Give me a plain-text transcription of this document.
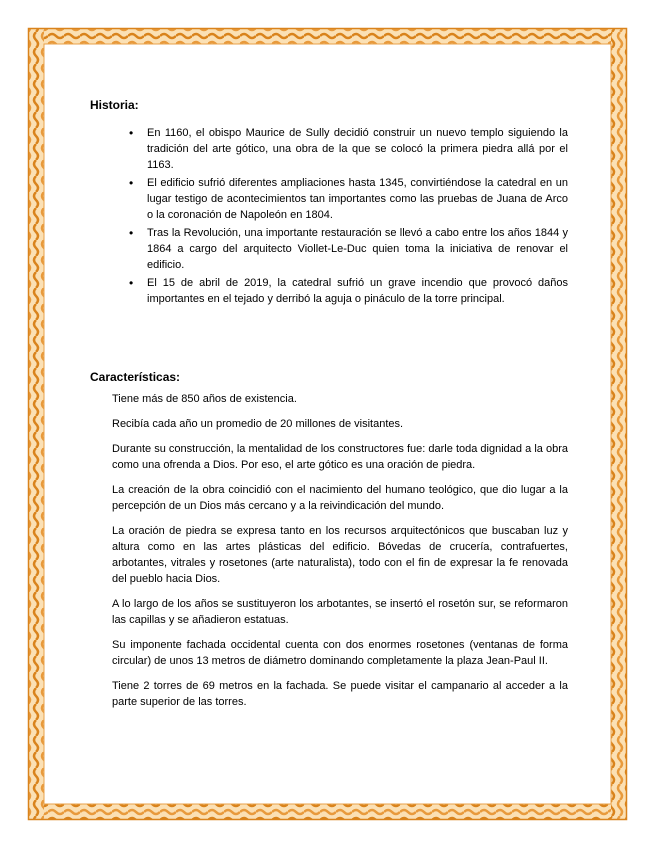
Historia:
• En 1160, el obispo Maurice de Sully decidió construir un nuevo templo siguiendo la tradición del arte gótico, una obra de la que se colocó la primera piedra allá por el 1163.
• El edificio sufrió diferentes ampliaciones hasta 1345, convirtiéndose la catedral en un lugar testigo de acontecimientos tan importantes como las pruebas de Juana de Arco o la coronación de Napoleón en 1804.
• Tras la Revolución, una importante restauración se llevó a cabo entre los años 1844 y 1864 a cargo del arquitecto Viollet-Le-Duc quien toma la iniciativa de renovar el edificio.
• El 15 de abril de 2019, la catedral sufrió un grave incendio que provocó daños importantes en el tejado y derribó la aguja o pináculo de la torre principal.
Características:

Tiene más de 850 años de existencia.

Recibía cada año un promedio de 20 millones de visitantes.

Durante su construcción, la mentalidad de los constructores fue: darle toda dignidad a la obra como una ofrenda a Dios. Por eso, el arte gótico es una oración de piedra.

La creación de la obra coincidió con el nacimiento del humano teológico, que dio lugar a la percepción de un Dios más cercano y a la reivindicación del mundo.

La oración de piedra se expresa tanto en los recursos arquitectónicos que buscaban luz y altura como en las artes plásticas del edificio. Bóvedas de crucería, contrafuertes, arbotantes, vitrales y rosetones (arte naturalista), todo con el fin de expresar la fe renovada del pueblo hacia Dios.

A lo largo de los años se sustituyeron los arbotantes, se insertó el rosetón sur, se reformaron las capillas y se añadieron estatuas.

Su imponente fachada occidental cuenta con dos enormes rosetones (ventanas de forma circular) de unos 13 metros de diámetro dominando completamente la plaza Jean-Paul II.

Tiene 2 torres de 69 metros en la fachada. Se puede visitar el campanario al acceder a la parte superior de las torres.
